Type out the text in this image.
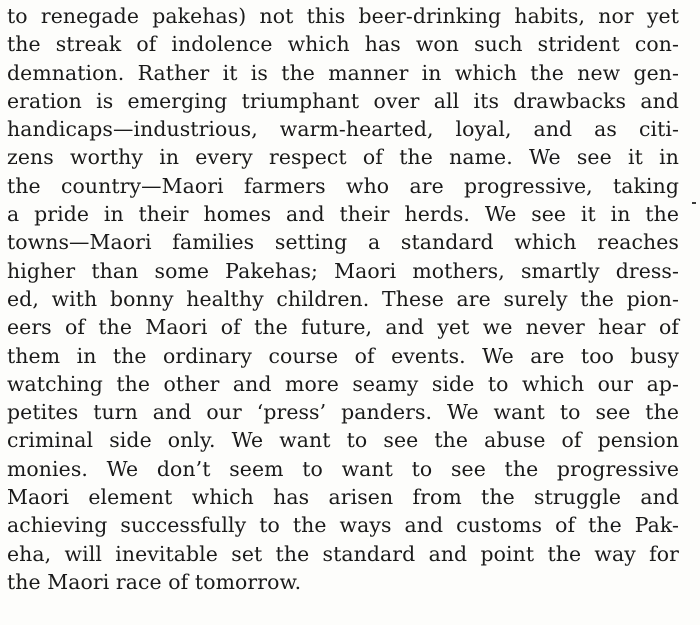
to renegade pakehas) not this beer-drinking habits, nor yet
the streak of indolence which has won such strident con-
demnation. Rather it is the manner in which the new gen-
eration is emerging triumphant over all its drawbacks and
handicaps—industrious, warm-hearted, loyal, and as citi-
zens worthy in every respect of the name. We see it in
the country—Maori farmers who are progressive, taking
a pride in their homes and their herds. We see it in the
towns—Maori families setting a standard which reaches
higher than some Pakehas; Maori mothers, smartly dress-
ed, with bonny healthy children. These are surely the pion-
eers of the Maori of the future, and yet we never hear of
them in the ordinary course of events. We are too busy
watching the other and more seamy side to which our ap-
petites turn and our ‘press’ panders. We want to see the
criminal side only. We want to see the abuse of pension
monies. We don’t seem to want to see the progressive
Maori element which has arisen from the struggle and
achieving successfully to the ways and customs of the Pak-
eha, will inevitable set the standard and point the way for
the Maori race of tomorrow.
